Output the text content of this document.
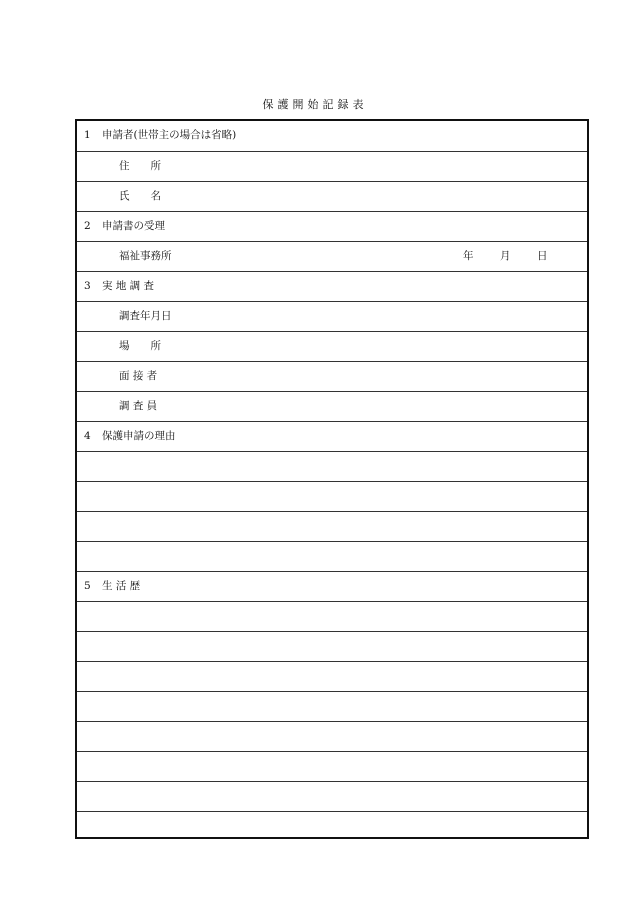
保護開始記録表
1 申請者(世帯主の場合は省略)
住　　所
氏　　名
2 申請書の受理
福祉事務所	年	月	日
3 実 地 調 査
調査年月日
場　　所
面 接 者
調 査 員
4 保護申請の理由
5 生 活 歴
